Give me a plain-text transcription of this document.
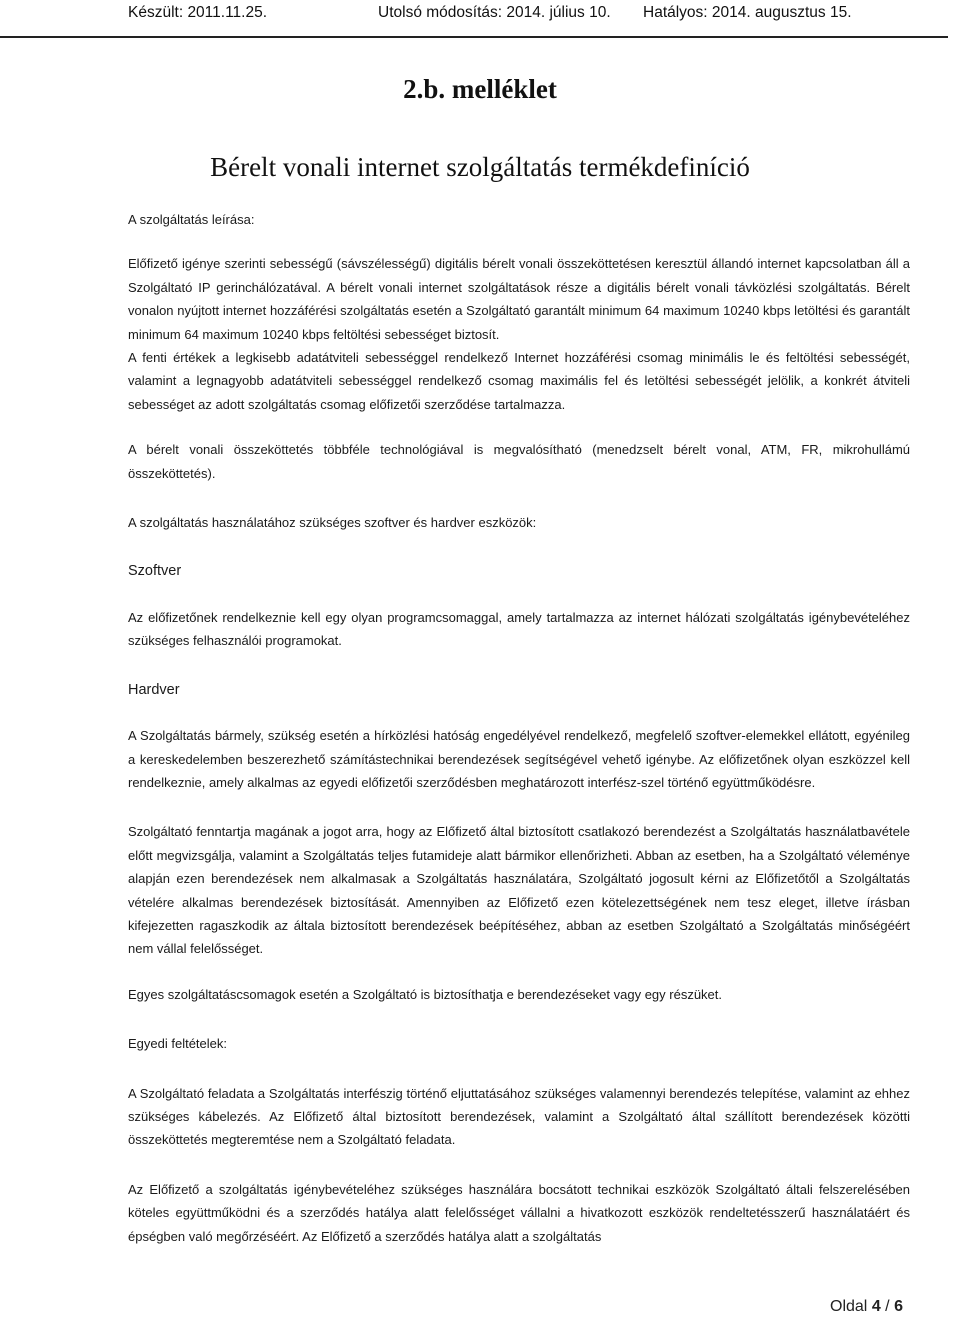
Készült: 2011.11.25.	Utolsó módosítás: 2014. július 10. Hatályos: 2014. augusztus 15.
2.b. melléklet
Bérelt vonali internet szolgáltatás termékdefiníció

A szolgáltatás leírása:

Előfizető igénye szerinti sebességű (sávszélességű) digitális bérelt vonali összeköttetésen keresztül állandó internet kapcsolatban áll a Szolgáltató IP gerinchálózatával. A bérelt vonali internet szolgáltatások része a digitális bérelt vonali távközlési szolgáltatás. Bérelt vonalon nyújtott internet hozzáférési szolgáltatás esetén a Szolgáltató garantált minimum 64 maximum 10240 kbps letöltési és garantált minimum 64 maximum 10240 kbps feltöltési sebességet biztosít.

A fenti értékek a legkisebb adatátviteli sebességgel rendelkező Internet hozzáférési csomag minimális le és feltöltési sebességét, valamint a legnagyobb adatátviteli sebességgel rendelkező csomag maximális fel és letöltési sebességét jelölik, a konkrét átviteli sebességet az adott szolgáltatás csomag előfizetői szerződése tartalmazza.

A bérelt vonali összeköttetés többféle technológiával is megvalósítható (menedzselt bérelt vonal, ATM, FR, mikrohullámú összeköttetés).

A szolgáltatás használatához szükséges szoftver és hardver eszközök:

Szoftver

Az előfizetőnek rendelkeznie kell egy olyan programcsomaggal, amely tartalmazza az internet hálózati szolgáltatás igénybevételéhez szükséges felhasználói programokat.

Hardver

A Szolgáltatás bármely, szükség esetén a hírközlési hatóság engedélyével rendelkező, megfelelő szoftver-elemekkel ellátott, egyénileg a kereskedelemben beszerezhető számítástechnikai berendezések segítségével vehető igénybe. Az előfizetőnek olyan eszközzel kell rendelkeznie, amely alkalmas az egyedi előfizetői szerződésben meghatározott interfész-szel történő együttműködésre.

Szolgáltató fenntartja magának a jogot arra, hogy az Előfizető által biztosított csatlakozó berendezést a Szolgáltatás használatbavétele előtt megvizsgálja, valamint a Szolgáltatás teljes futamideje alatt bármikor ellenőrizheti. Abban az esetben, ha a Szolgáltató véleménye alapján ezen berendezések nem alkalmasak a Szolgáltatás használatára, Szolgáltató jogosult kérni az Előfizetőtől a Szolgáltatás vételére alkalmas berendezések biztosítását. Amennyiben az Előfizető ezen kötelezettségének nem tesz eleget, illetve írásban kifejezetten ragaszkodik az általa biztosított berendezések beépítéséhez, abban az esetben Szolgáltató a Szolgáltatás minőségéért nem vállal felelősséget.

Egyes szolgáltatáscsomagok esetén a Szolgáltató is biztosíthatja e berendezéseket vagy egy részüket.

Egyedi feltételek:

A Szolgáltató feladata a Szolgáltatás interfészig történő eljuttatásához szükséges valamennyi berendezés telepítése, valamint az ehhez szükséges kábelezés. Az Előfizető által biztosított berendezések, valamint a Szolgáltató által szállított berendezések közötti összeköttetés megteremtése nem a Szolgáltató feladata.

Az Előfizető a szolgáltatás igénybevételéhez szükséges használára bocsátott technikai eszközök Szolgáltató általi felszerelésében köteles együttműködni és a szerződés hatálya alatt felelősséget vállalni a hivatkozott eszközök rendeltetésszerű használatáért és épségben való megőrzéséért. Az Előfizető a szerződés hatálya alatt a szolgáltatás

Oldal 4 / 6
